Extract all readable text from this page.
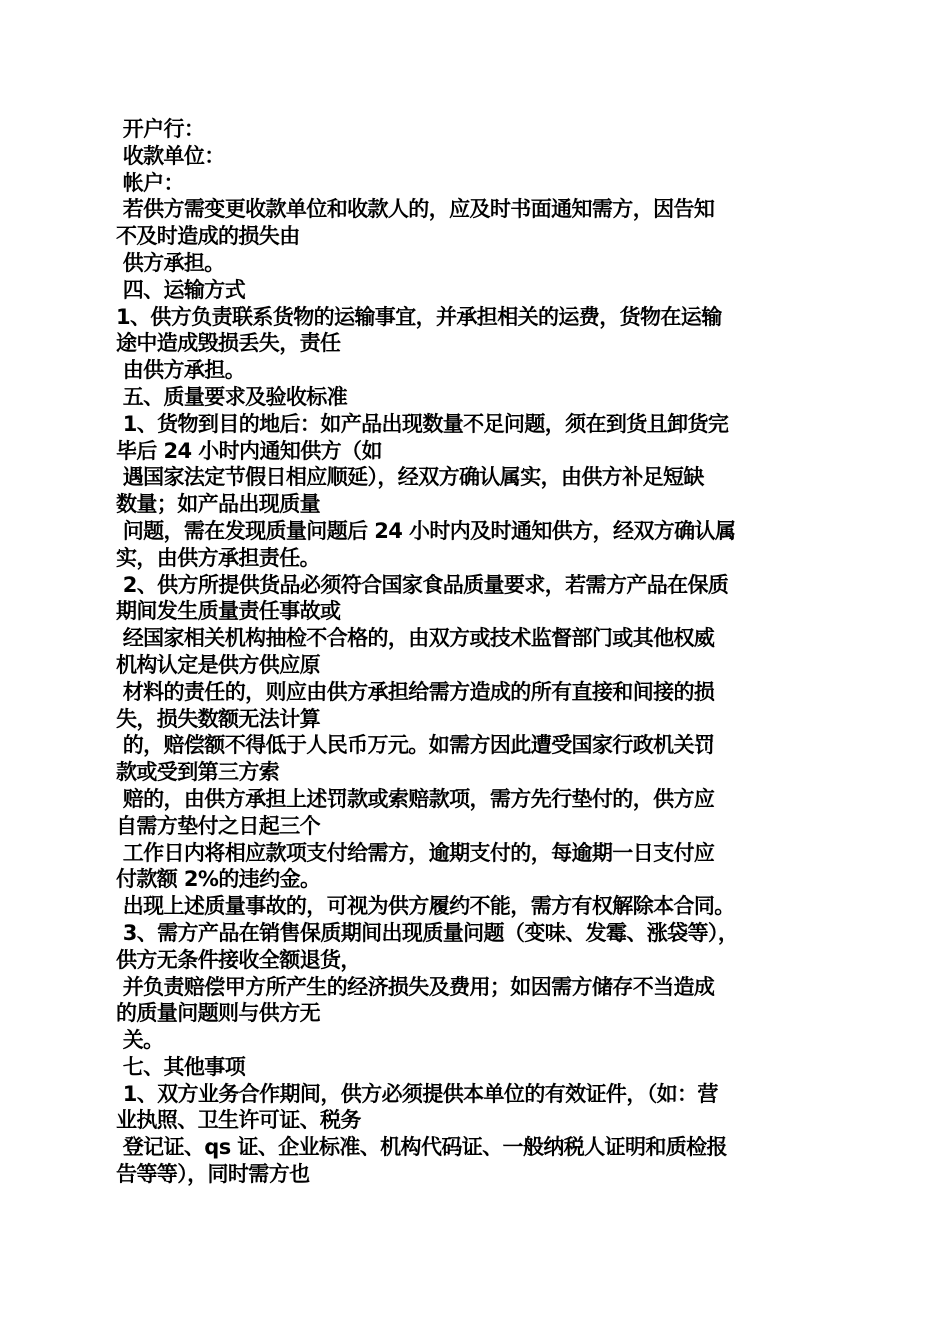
开户行：
收款单位：
帐户：
若供方需变更收款单位和收款人的，应及时书面通知需方，因告知
不及时造成的损失由
供方承担。
四、运输方式
1、供方负责联系货物的运输事宜，并承担相关的运费，货物在运输
途中造成毁损丢失，责任
由供方承担。
五、质量要求及验收标准
1、货物到目的地后：如产品出现数量不足问题，须在到货且卸货完
毕后 24 小时内通知供方（如
遇国家法定节假日相应顺延），经双方确认属实，由供方补足短缺
数量；如产品出现质量
问题，需在发现质量问题后 24 小时内及时通知供方，经双方确认属
实，由供方承担责任。
2、供方所提供货品必须符合国家食品质量要求，若需方产品在保质
期间发生质量责任事故或
经国家相关机构抽检不合格的，由双方或技术监督部门或其他权威
机构认定是供方供应原
材料的责任的，则应由供方承担给需方造成的所有直接和间接的损
失，损失数额无法计算
的，赔偿额不得低于人民币万元。如需方因此遭受国家行政机关罚
款或受到第三方索
赔的，由供方承担上述罚款或索赔款项，需方先行垫付的，供方应
自需方垫付之日起三个
工作日内将相应款项支付给需方，逾期支付的，每逾期一日支付应
付款额 2%的违约金。
出现上述质量事故的，可视为供方履约不能，需方有权解除本合同。
3、需方产品在销售保质期间出现质量问题（变味、发霉、涨袋等），
供方无条件接收全额退货，
并负责赔偿甲方所产生的经济损失及费用；如因需方储存不当造成
的质量问题则与供方无
关。
七、其他事项
1、双方业务合作期间，供方必须提供本单位的有效证件，（如：营
业执照、卫生许可证、税务
登记证、qs 证、企业标准、机构代码证、一般纳税人证明和质检报
告等等），同时需方也
